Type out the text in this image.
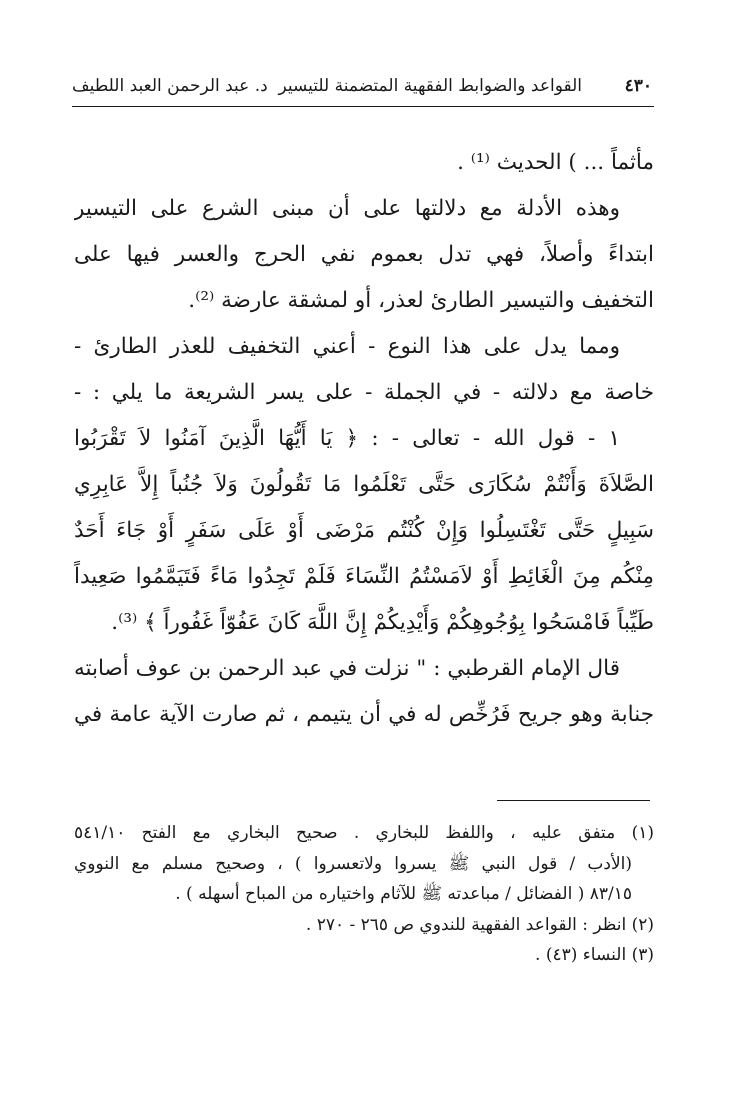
٤٣٠
القواعد والضوابط الفقهية المتضمنة للتيسير
د. عبد الرحمن العبد اللطيف
مأثماً ... ) الحديث ⁽¹⁾ .
وهذه الأدلة مع دلالتها على أن مبنى الشرع على التيسير
ابتداءً وأصلاً، فهي تدل بعموم نفي الحرج والعسر فيها على
التخفيف والتيسير الطارئ لعذر، أو لمشقة عارضة ⁽²⁾.
ومما يدل على هذا النوع - أعني التخفيف للعذر الطارئ -
خاصة مع دلالته - في الجملة - على يسر الشريعة ما يلي : -
١ - قول الله - تعالى - : ﴿ يَا أَيُّهَا الَّذِينَ آمَنُوا لاَ تَقْرَبُوا
الصَّلاَةَ وَأَنْتُمْ سُكَارَى حَتَّى تَعْلَمُوا مَا تَقُولُونَ وَلاَ جُنُباً إِلاَّ عَابِرِي
سَبِيلٍ حَتَّى تَغْتَسِلُوا وَإِنْ كُنْتُم مَرْضَى أَوْ عَلَى سَفَرٍ أَوْ جَاءَ أَحَدٌ
مِنْكُم مِنَ الْغَائِطِ أَوْ لاَمَسْتُمُ النِّسَاءَ فَلَمْ تَجِدُوا مَاءً فَتَيَمَّمُوا صَعِيداً
طَيِّباً فَامْسَحُوا بِوُجُوهِكُمْ وَأَيْدِيكُمْ إِنَّ اللَّهَ كَانَ عَفُوّاً غَفُوراً ﴾ ⁽³⁾.
قال الإمام القرطبي : " نزلت في عبد الرحمن بن عوف أصابته
جنابة وهو جريح فَرُخِّص له في أن يتيمم ، ثم صارت الآية عامة في
(١) متفق عليه ، واللفظ للبخاري . صحيح البخاري مع الفتح ٥٤١/١٠
(الأدب / قول النبي ﷺ يسروا ولاتعسروا ) ، وصحيح مسلم مع النووي
٨٣/١٥ ( الفضائل / مباعدته ﷺ للآثام واختياره من المباح أسهله ) .
(٢) انظر : القواعد الفقهية للندوي ص ٢٦٥ - ٢٧٠ .
(٣) النساء (٤٣) .
